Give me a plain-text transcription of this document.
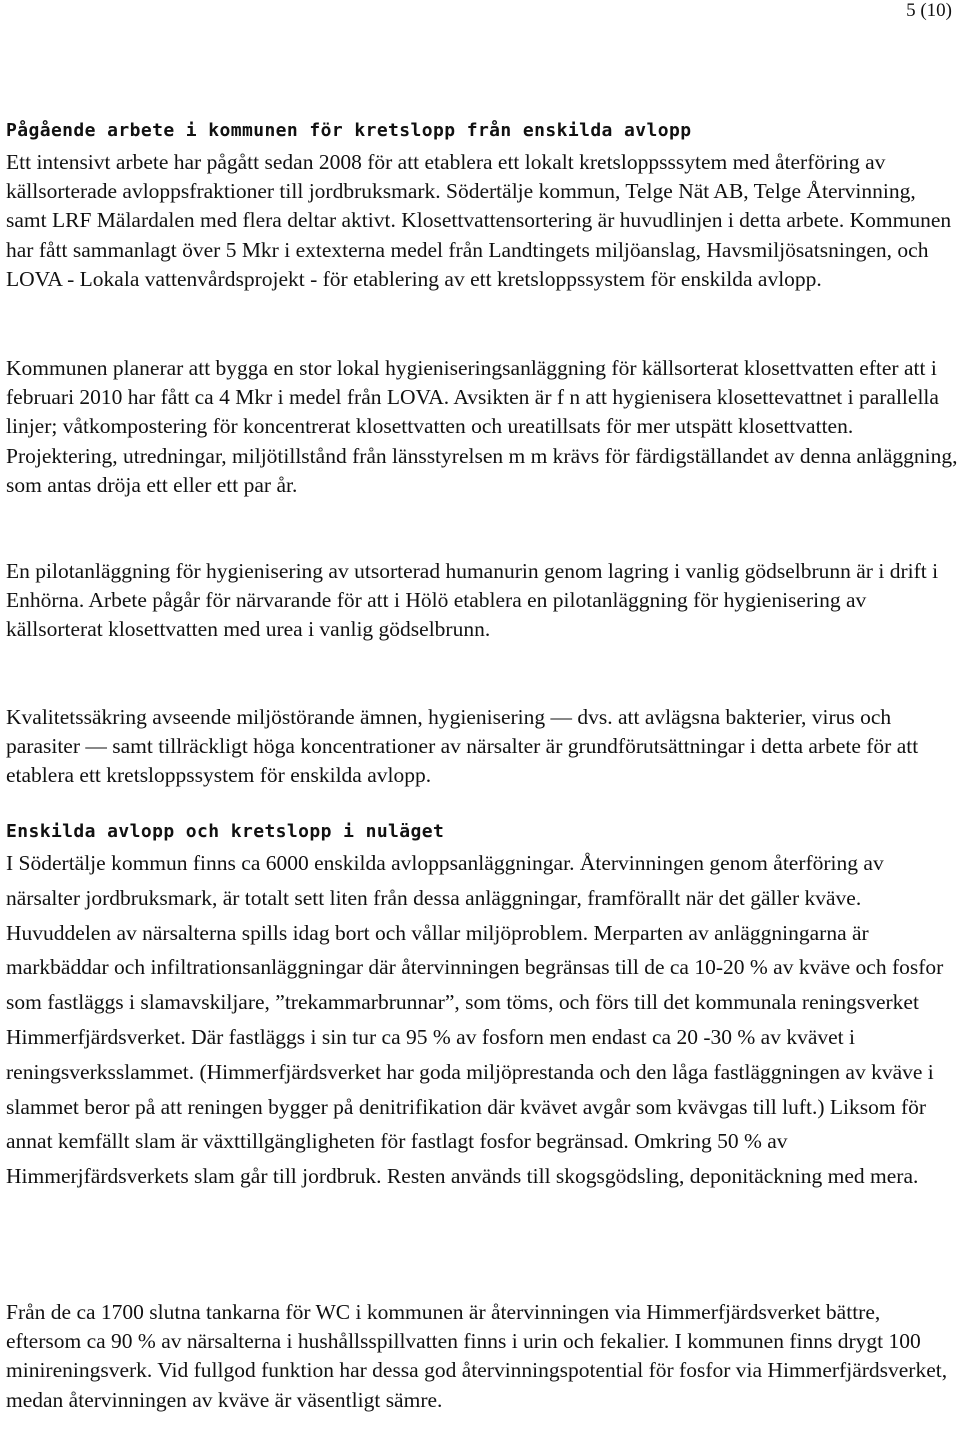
5 (10)
Pågående arbete i kommunen för kretslopp från enskilda avlopp

Ett intensivt arbete har pågått sedan 2008 för att etablera ett lokalt kretsloppsssytem med återföring av källsorterade avloppsfraktioner till jordbruksmark. Södertälje kommun, Telge Nät AB, Telge Återvinning, samt LRF Mälardalen med flera deltar aktivt. Klosettvattensortering är huvudlinjen i detta arbete. Kommunen har fått sammanlagt över 5 Mkr i extexterna medel från Landtingets miljöanslag, Havsmiljösatsningen, och LOVA - Lokala vattenvårdsprojekt - för etablering av ett kretsloppssystem för enskilda avlopp.

Kommunen planerar att bygga en stor lokal hygieniseringsanläggning för källsorterat klosettvatten efter att i februari 2010 har fått ca 4 Mkr i medel från LOVA. Avsikten är f n att hygienisera klosettevattnet i parallella linjer; våtkompostering för koncentrerat klosettvatten och ureatillsats för mer utspätt klosettvatten. Projektering, utredningar, miljötillstånd från länsstyrelsen m m krävs för färdigställandet av denna anläggning, som antas dröja ett eller ett par år.

En pilotanläggning för hygienisering av utsorterad humanurin genom lagring i vanlig gödselbrunn är i drift i Enhörna. Arbete pågår för närvarande för att i Hölö etablera en pilotanläggning för hygienisering av källsorterat klosettvatten med urea i vanlig gödselbrunn.

Kvalitetssäkring avseende miljöstörande ämnen, hygienisering — dvs. att avlägsna bakterier, virus och parasiter — samt tillräckligt höga koncentrationer av närsalter är grundförutsättningar i detta arbete för att etablera ett kretsloppssystem för enskilda avlopp.

Enskilda avlopp och kretslopp i nuläget

I Södertälje kommun finns ca 6000 enskilda avloppsanläggningar. Återvinningen genom återföring av närsalter jordbruksmark, är totalt sett liten från dessa anläggningar, framförallt när det gäller kväve. Huvuddelen av närsalterna spills idag bort och vållar miljöproblem. Merparten av anläggningarna är markbäddar och infiltrationsanläggningar där återvinningen begränsas till de ca 10-20 % av kväve och fosfor som fastläggs i slamavskiljare, ”trekammarbrunnar”, som töms, och förs till det kommunala reningsverket Himmerfjärdsverket. Där fastläggs i sin tur ca 95 % av fosforn men endast ca 20 -30 % av kvävet i reningsverksslammet. (Himmerfjärdsverket har goda miljöprestanda och den låga fastläggningen av kväve i slammet beror på att reningen bygger på denitrifikation där kvävet avgår som kvävgas till luft.) Liksom för annat kemfällt slam är växttillgängligheten för fastlagt fosfor begränsad. Omkring 50 % av Himmerjfärdsverkets slam går till jordbruk. Resten används till skogsgödsling, deponitäckning med mera.

Från de ca 1700 slutna tankarna för WC i kommunen är återvinningen via Himmerfjärdsverket bättre, eftersom ca 90 % av närsalterna i hushållsspillvatten finns i urin och fekalier. I kommunen finns drygt 100 minireningsverk. Vid fullgod funktion har dessa god återvinningspotential för fosfor via Himmerfjärdsverket, medan återvinningen av kväve är väsentligt sämre.
